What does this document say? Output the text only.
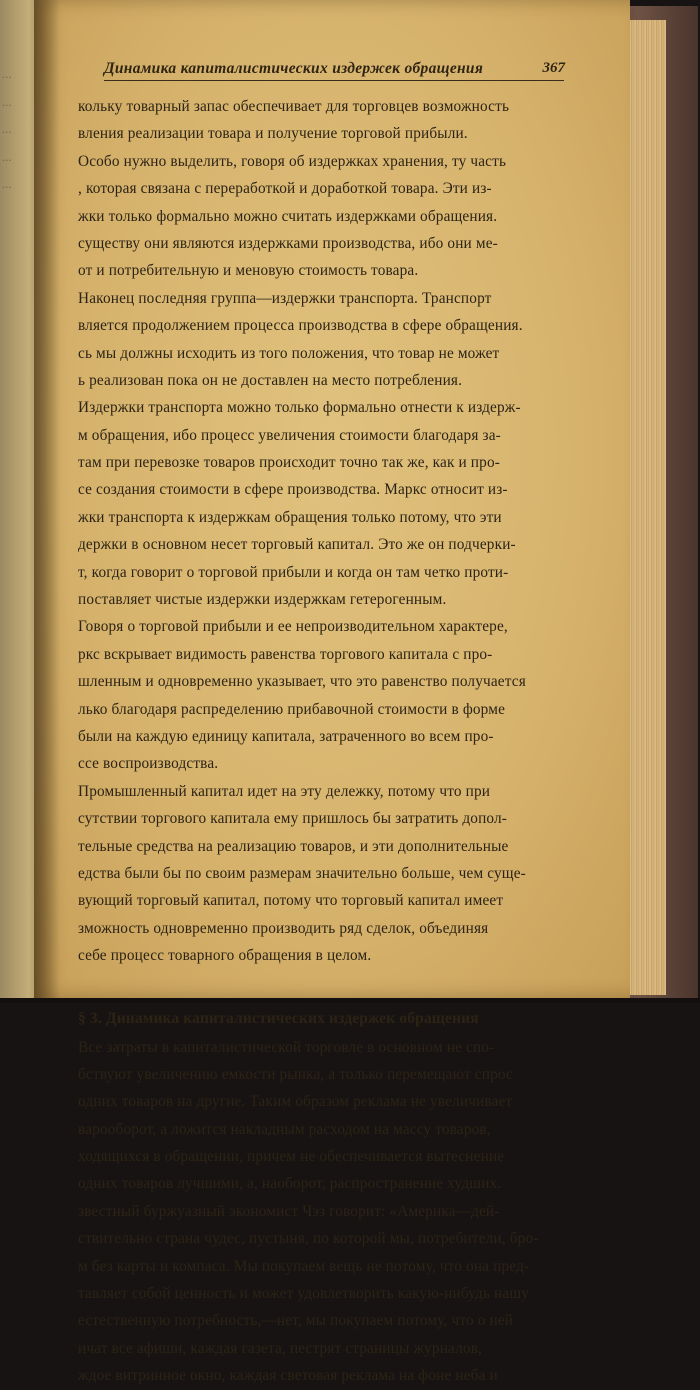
...
...
...
...
...
Динамика капиталистических издержек обращения	367
кольку товарный запас обеспечивает для торговцев возможность
вления реализации товара и получение торговой прибыли.
Особо нужно выделить, говоря об издержках хранения, ту часть
, которая связана с переработкой и доработкой товара. Эти из-
жки только формально можно считать издержками обращения.
существу они являются издержками производства, ибо они ме-
от и потребительную и меновую стоимость товара.
Наконец последняя группа—издержки транспорта. Транспорт
вляется продолжением процесса производства в сфере обращения.
сь мы должны исходить из того положения, что товар не может
ь реализован пока он не доставлен на место потребления.
Издержки транспорта можно только формально отнести к издерж-
м обращения, ибо процесс увеличения стоимости благодаря за-
там при перевозке товаров происходит точно так же, как и про-
се создания стоимости в сфере производства. Маркс относит из-
жки транспорта к издержкам обращения только потому, что эти
держки в основном несет торговый капитал. Это же он подчерки-
т, когда говорит о торговой прибыли и когда он там четко проти-
поставляет чистые издержки издержкам гетерогенным.
Говоря о торговой прибыли и ее непроизводительном характере,
ркс вскрывает видимость равенства торгового капитала с про-
шленным и одновременно указывает, что это равенство получается
лько благодаря распределению прибавочной стоимости в форме
были на каждую единицу капитала, затраченного во всем про-
ссе воспроизводства.
Промышленный капитал идет на эту дележку, потому что при
сутствии торгового капитала ему пришлось бы затратить допол-
тельные средства на реализацию товаров, и эти дополнительные
едства были бы по своим размерам значительно больше, чем суще-
вующий торговый капитал, потому что торговый капитал имеет
зможность одновременно производить ряд сделок, объединяя
себе процесс товарного обращения в целом.
§ 3. Динамика капиталистических издержек обращения
Все затраты в капиталистической торговле в основном не спо-
бствуют увеличению емкости рынка, а только перемещают спрос
одних товаров на другие. Таким образом реклама не увеличивает
варооборот, а ложится накладным расходом на массу товаров,
ходящихся в обращении, причем не обеспечивается вытеснение
одних товаров лучшими, а, наоборот, распространение худших.
звестный буржуазный экономист Чэз говорит: «Америка—дей-
ствительно страна чудес, пустыня, по которой мы, потребители, бро-
м без карты и компаса. Мы покупаем вещь не потому, что она пред-
тавляет собой ценность и может удовлетворить какую-нибудь нашу
естественную потребность,—нет, мы покупаем потому, что о ней
ичат все афиши, каждая газета, пестрят страницы журналов,
ждое витринное окно, каждая световая реклама на фоне неба и
